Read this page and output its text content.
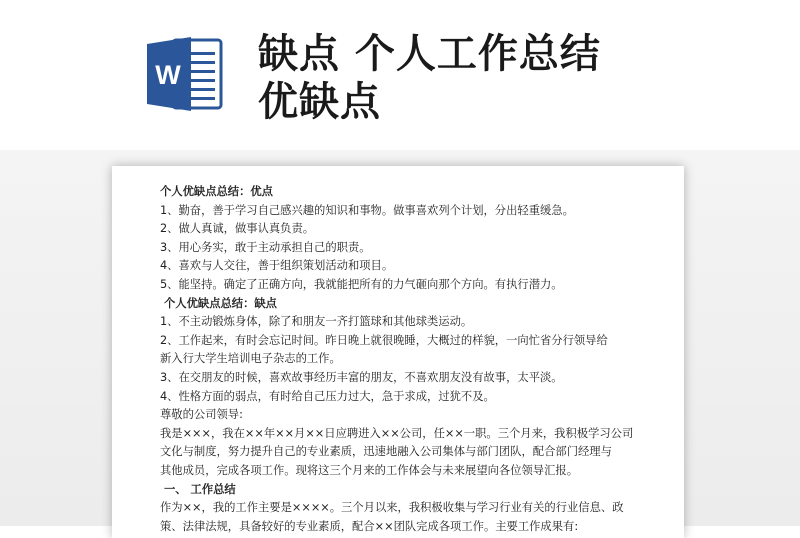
W 缺点 个人工作总结
优缺点

个人优缺点总结：优点

1、勤奋，善于学习自己感兴趣的知识和事物。做事喜欢列个计划，分出轻重缓急。

2、做人真诚，做事认真负责。

3、用心务实，敢于主动承担自己的职责。

4、喜欢与人交往，善于组织策划活动和项目。

5、能坚持。确定了正确方向，我就能把所有的力气砸向那个方向。有执行潜力。

个人优缺点总结：缺点

1、不主动锻炼身体，除了和朋友一齐打篮球和其他球类运动。

2、工作起来，有时会忘记时间。昨日晚上就很晚睡，大概过的样貌，一向忙省分行领导给

新入行大学生培训电子杂志的工作。

3、在交朋友的时候，喜欢故事经历丰富的朋友，不喜欢朋友没有故事，太平淡。

4、性格方面的弱点，有时给自己压力过大，急于求成，过犹不及。

尊敬的公司领导:

我是×××，我在××年××月××日应聘进入××公司，任××一职。三个月来，我积极学习公司

文化与制度，努力提升自己的专业素质，迅速地融入公司集体与部门团队，配合部门经理与

其他成员，完成各项工作。现将这三个月来的工作体会与未来展望向各位领导汇报。

一、 工作总结

作为××，我的工作主要是××××。三个月以来，我积极收集与学习行业有关的行业信息、政

策、法律法规，具备较好的专业素质，配合××团队完成各项工作。主要工作成果有:
